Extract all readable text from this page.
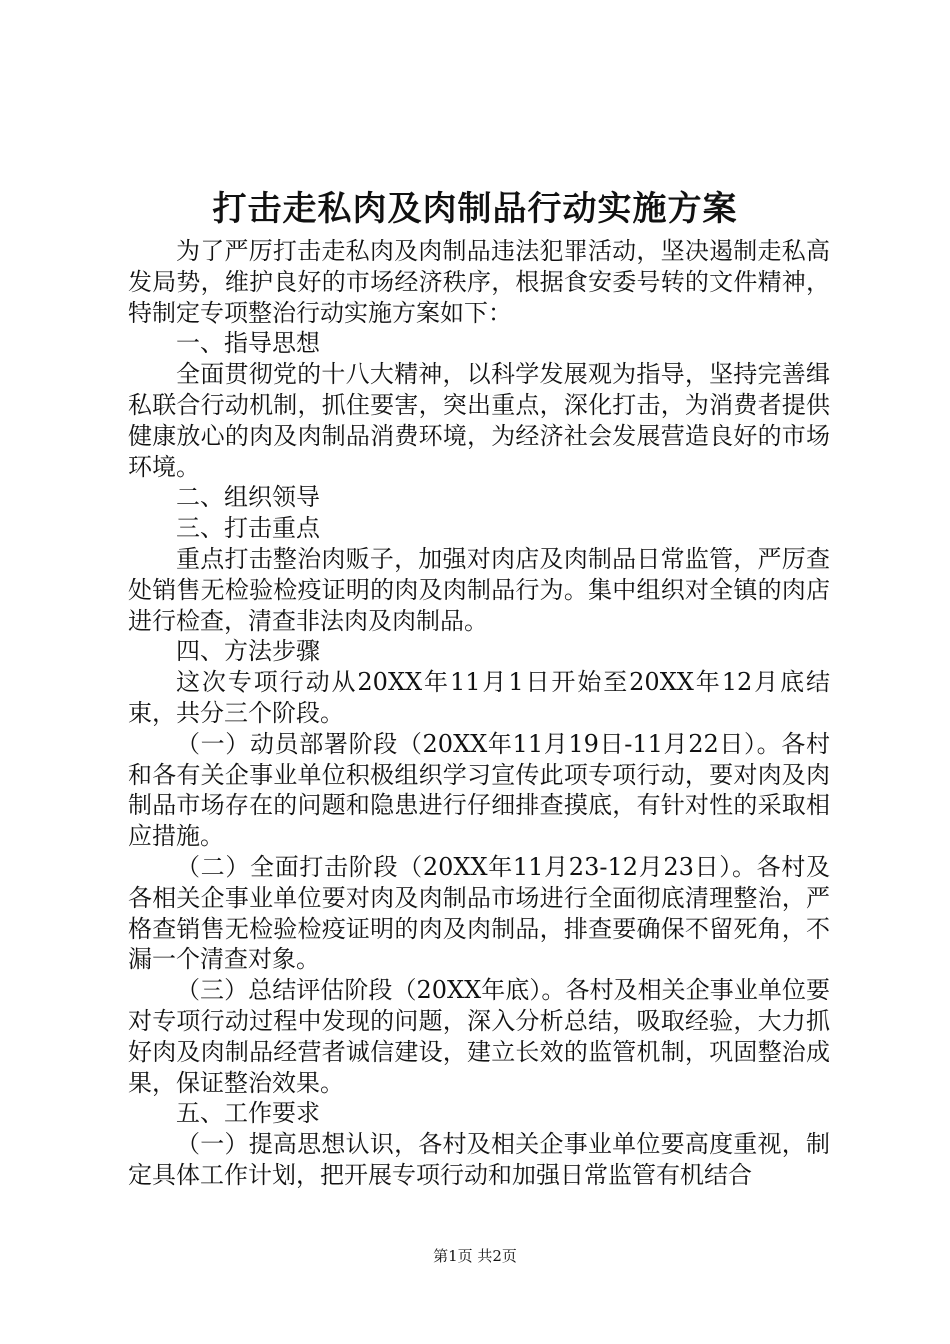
打击走私肉及肉制品行动实施方案

为了严厉打击走私肉及肉制品违法犯罪活动，坚决遏制走私高发局势，维护良好的市场经济秩序，根据食安委号转的文件精神，特制定专项整治行动实施方案如下：

一、指导思想

全面贯彻党的十八大精神，以科学发展观为指导，坚持完善缉私联合行动机制，抓住要害，突出重点，深化打击，为消费者提供健康放心的肉及肉制品消费环境，为经济社会发展营造良好的市场环境。

二、组织领导

三、打击重点

重点打击整治肉贩子，加强对肉店及肉制品日常监管，严厉查处销售无检验检疫证明的肉及肉制品行为。集中组织对全镇的肉店进行检查，清查非法肉及肉制品。

四、方法步骤

这次专项行动从20XX年11月1日开始至20XX年12月底结束，共分三个阶段。

（一）动员部署阶段（20XX年11月19日-11月22日）。各村和各有关企事业单位积极组织学习宣传此项专项行动，要对肉及肉制品市场存在的问题和隐患进行仔细排查摸底，有针对性的采取相应措施。

（二）全面打击阶段（20XX年11月23-12月23日）。各村及各相关企事业单位要对肉及肉制品市场进行全面彻底清理整治，严格查销售无检验检疫证明的肉及肉制品，排查要确保不留死角，不漏一个清查对象。

（三）总结评估阶段（20XX年底）。各村及相关企事业单位要对专项行动过程中发现的问题，深入分析总结，吸取经验，大力抓好肉及肉制品经营者诚信建设，建立长效的监管机制，巩固整治成果，保证整治效果。

五、工作要求

（一）提高思想认识，各村及相关企事业单位要高度重视，制定具体工作计划，把开展专项行动和加强日常监管有机结合

第1页 共2页
